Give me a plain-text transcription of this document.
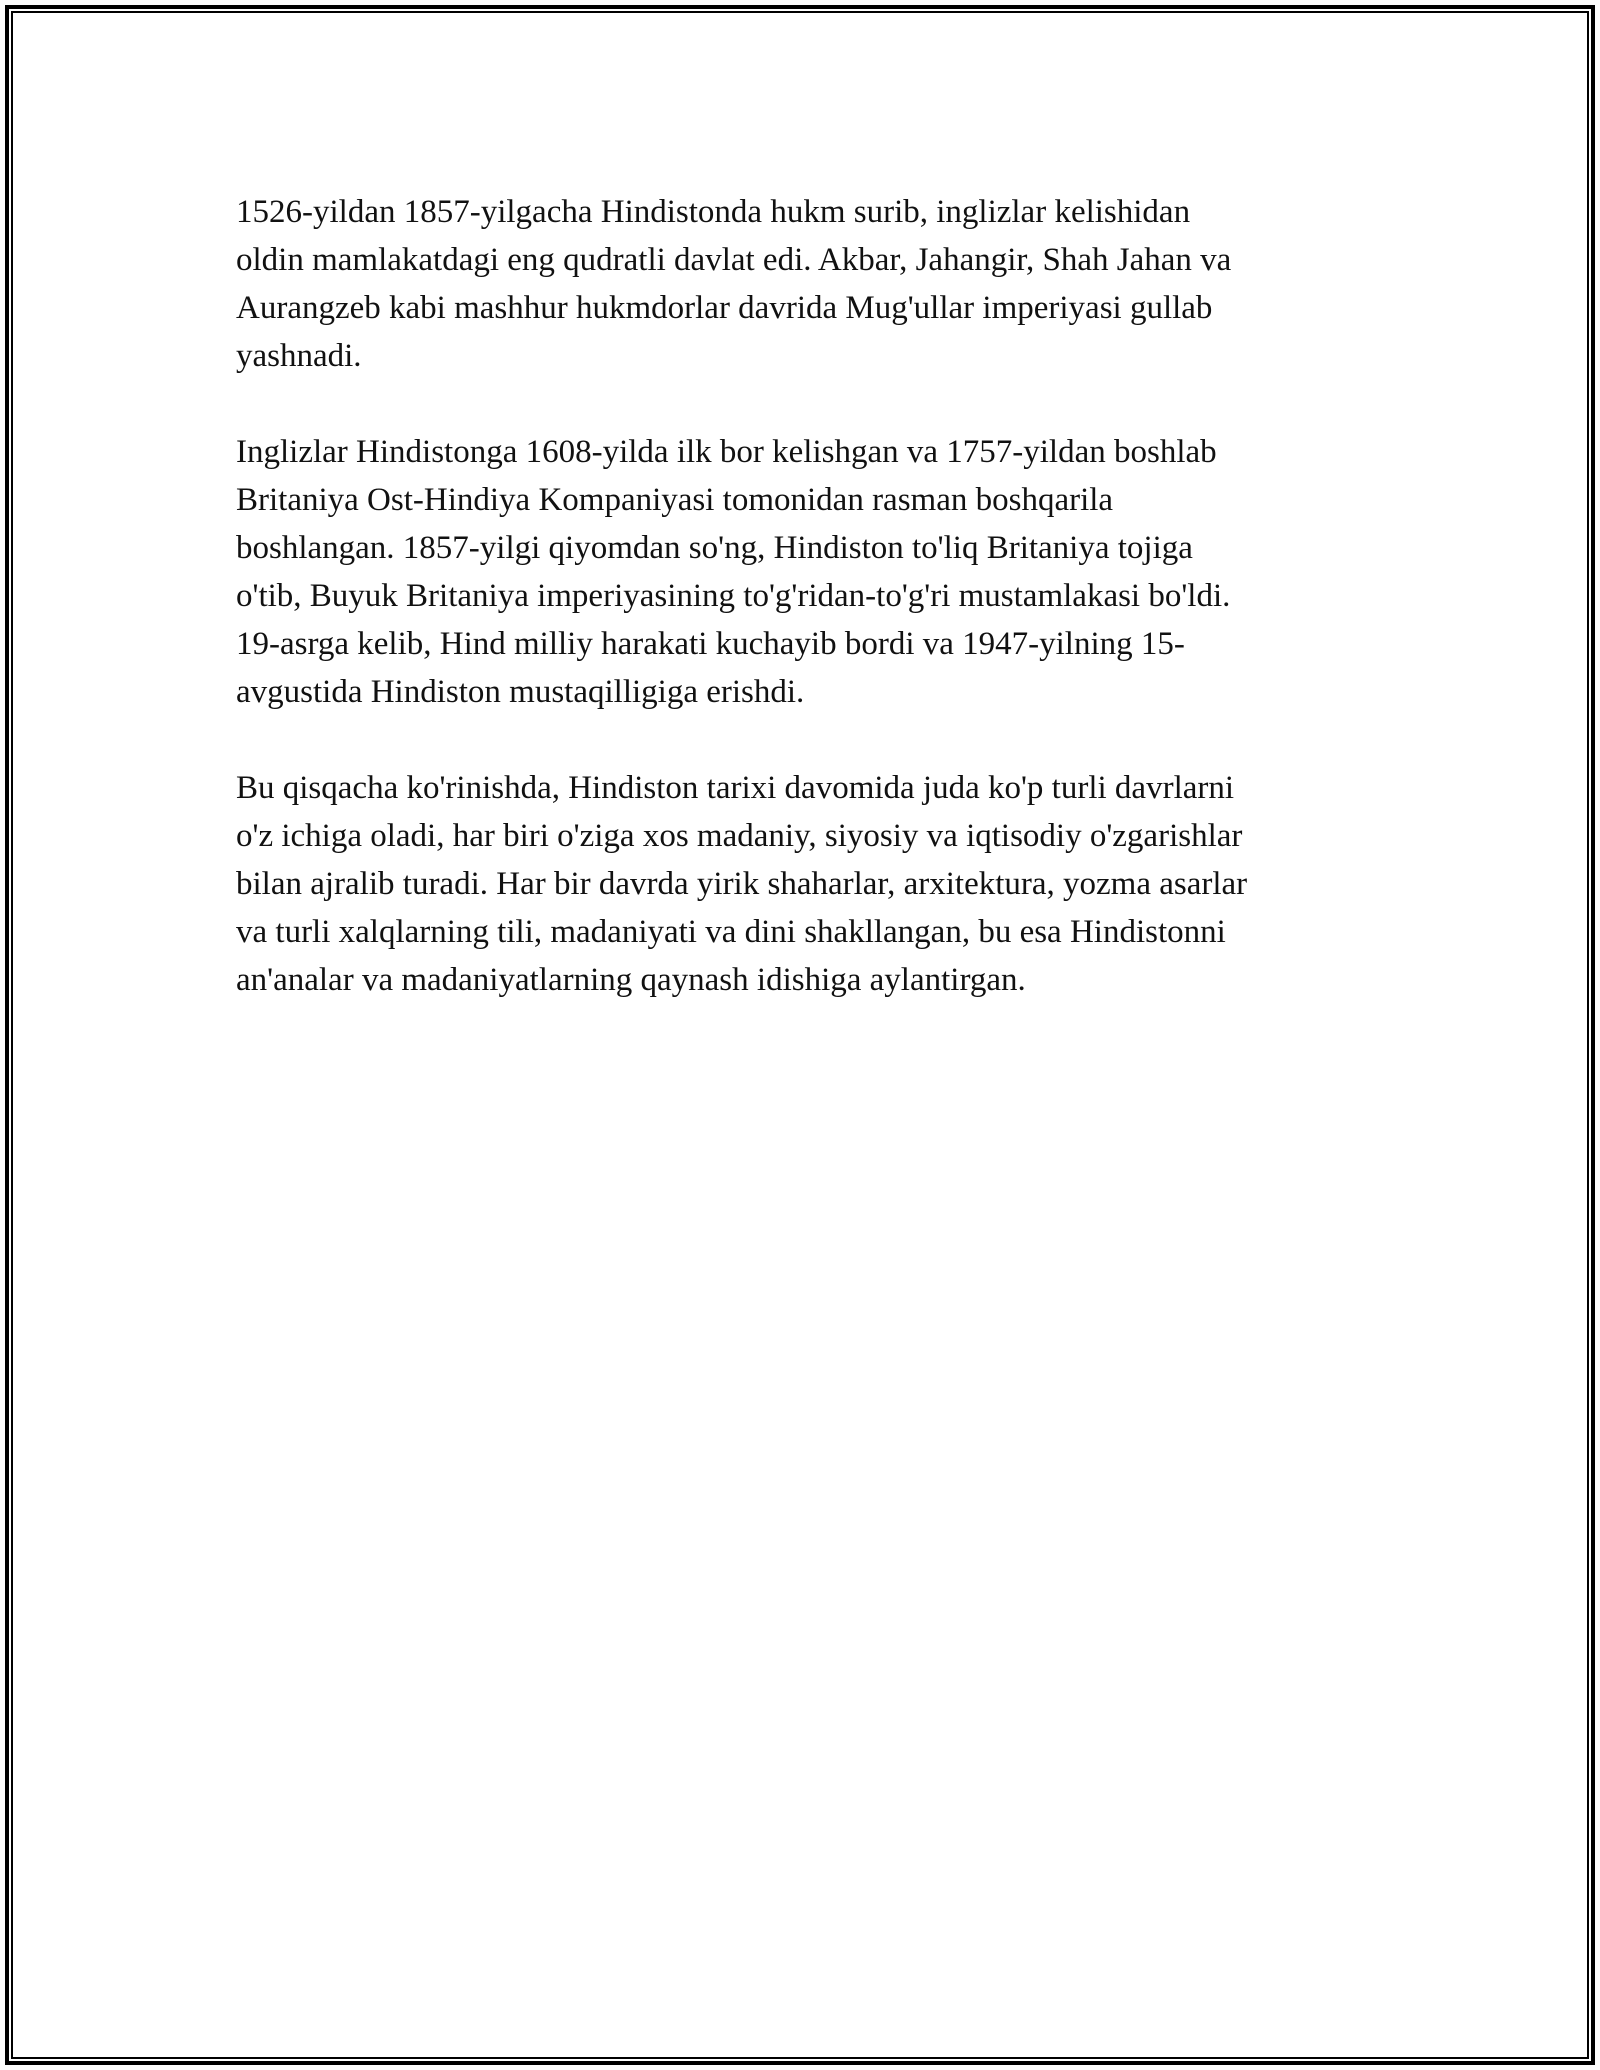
1526-yildan 1857-yilgacha Hindistonda hukm surib, inglizlar kelishidan
oldin mamlakatdagi eng qudratli davlat edi. Akbar, Jahangir, Shah Jahan va
Aurangzeb kabi mashhur hukmdorlar davrida Mug'ullar imperiyasi gullab
yashnadi.

Inglizlar Hindistonga 1608-yilda ilk bor kelishgan va 1757-yildan boshlab
Britaniya Ost-Hindiya Kompaniyasi tomonidan rasman boshqarila
boshlangan. 1857-yilgi qiyomdan so'ng, Hindiston to'liq Britaniya tojiga
o'tib, Buyuk Britaniya imperiyasining to'g'ridan-to'g'ri mustamlakasi bo'ldi.
19-asrga kelib, Hind milliy harakati kuchayib bordi va 1947-yilning 15-
avgustida Hindiston mustaqilligiga erishdi.

Bu qisqacha ko'rinishda, Hindiston tarixi davomida juda ko'p turli davrlarni
o'z ichiga oladi, har biri o'ziga xos madaniy, siyosiy va iqtisodiy o'zgarishlar
bilan ajralib turadi. Har bir davrda yirik shaharlar, arxitektura, yozma asarlar
va turli xalqlarning tili, madaniyati va dini shakllangan, bu esa Hindistonni
an'analar va madaniyatlarning qaynash idishiga aylantirgan.
